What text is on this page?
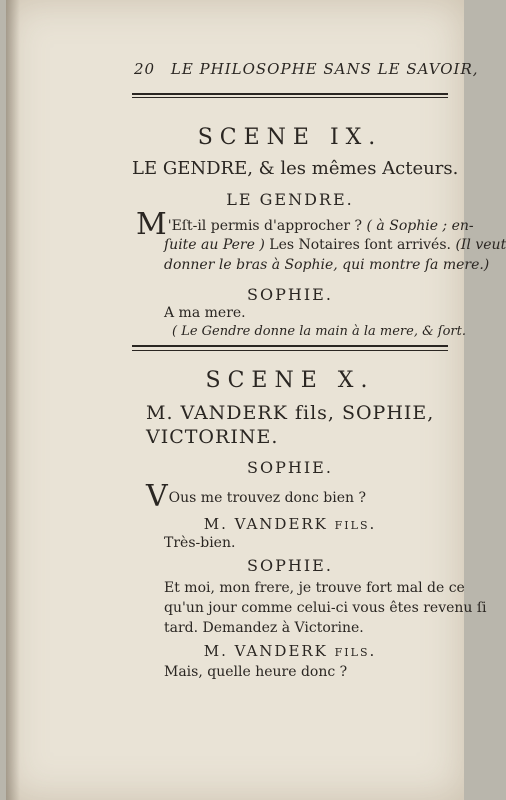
20 LE PHILOSOPHE SANS LE SAVOIR,
SCENE IX.
LE GENDRE, & les mêmes Acteurs.
LE GENDRE.
M'Eſt-il permis d'approcher ? ( à Sophie ; en-
ſuite au Pere ) Les Notaires ſont arrivés. (Il veut
donner le bras à Sophie, qui montre ſa mere.)
SOPHIE.
A ma mere.
( Le Gendre donne la main à la mere, & ſort.
SCENE X.
M. VANDERK fils, SOPHIE,
VICTORINE.
SOPHIE.
VOus me trouvez donc bien ?
M. VANDERK fils.
Très-bien.
SOPHIE.
Et moi, mon frere, je trouve fort mal de ce
qu'un jour comme celui-ci vous êtes revenu ſi
tard. Demandez à Victorine.
M. VANDERK fils.
Mais, quelle heure donc ?
